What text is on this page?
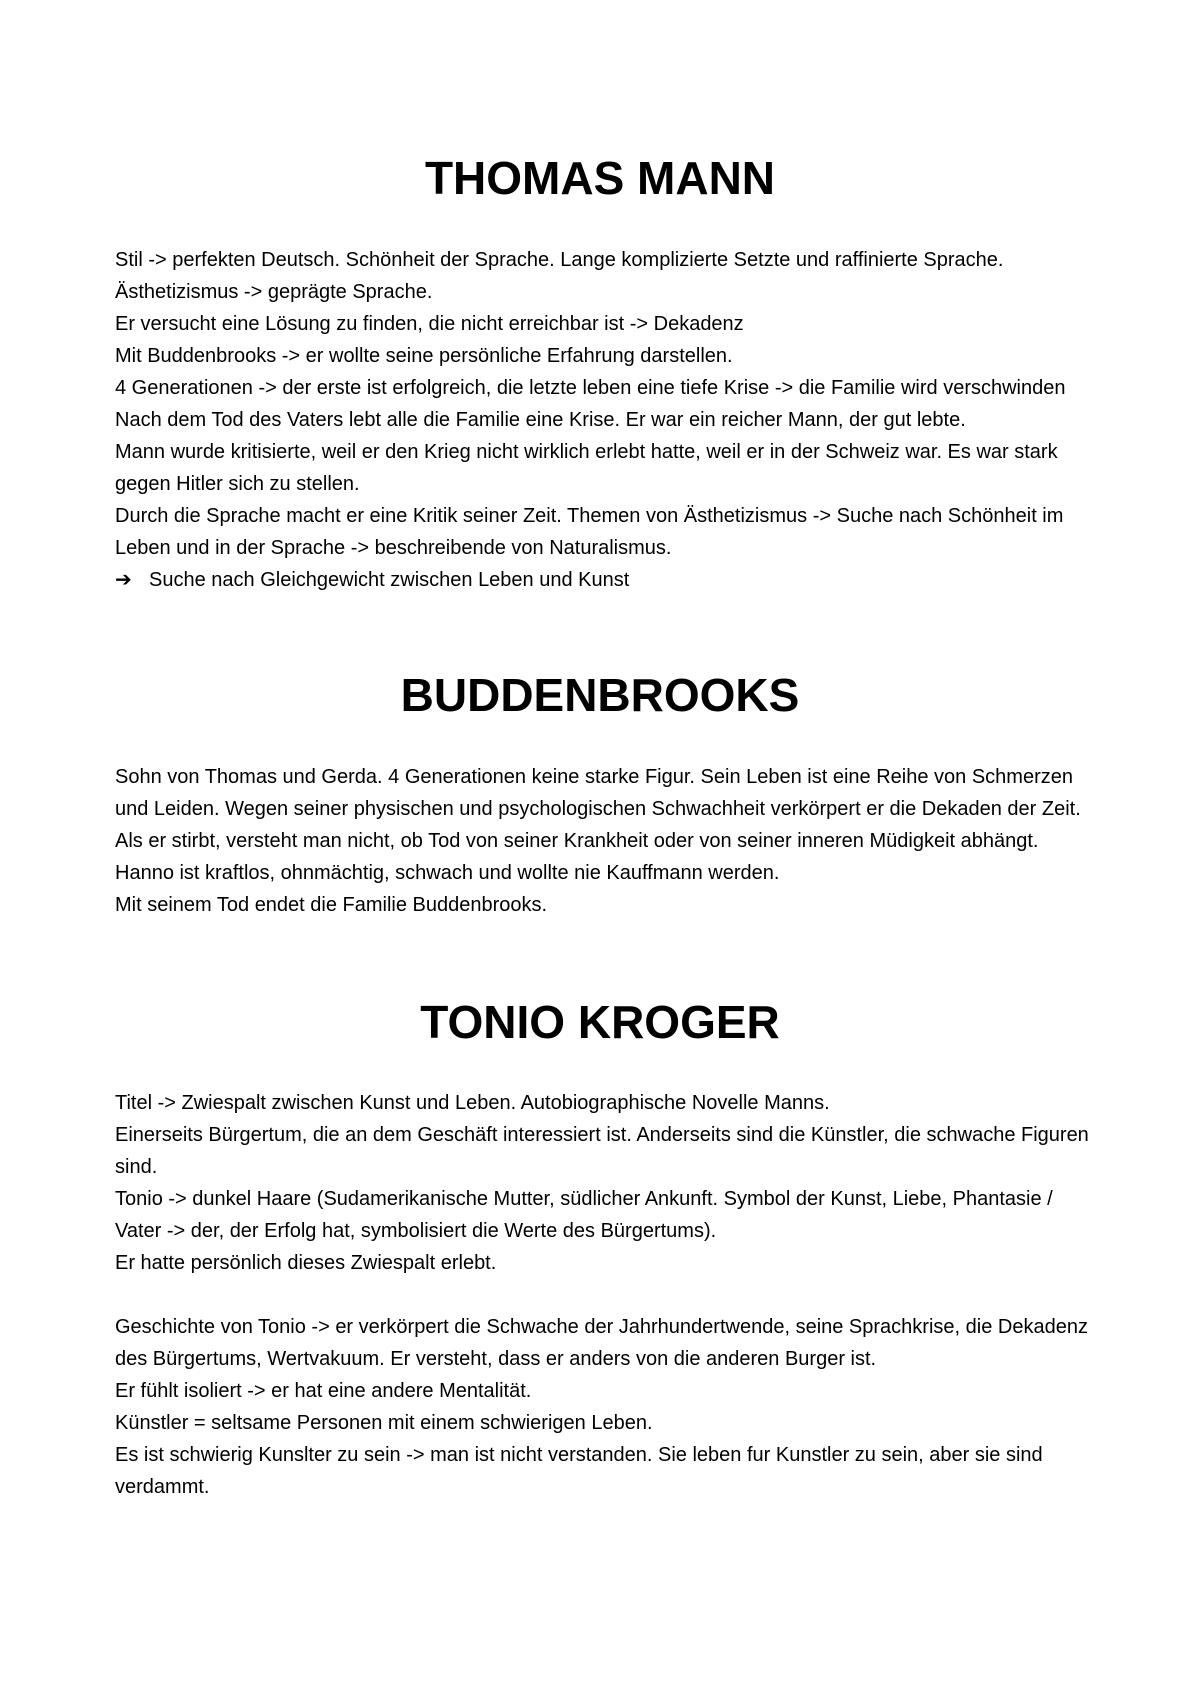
THOMAS MANN

Stil -> perfekten Deutsch. Schönheit der Sprache. Lange komplizierte Setzte und raffinierte Sprache. Ästhetizismus -> geprägte Sprache.

Er versucht eine Lösung zu finden, die nicht erreichbar ist -> Dekadenz

Mit Buddenbrooks -> er wollte seine persönliche Erfahrung darstellen.

4 Generationen -> der erste ist erfolgreich, die letzte leben eine tiefe Krise -> die Familie wird verschwinden

Nach dem Tod des Vaters lebt alle die Familie eine Krise. Er war ein reicher Mann, der gut lebte.

Mann wurde kritisierte, weil er den Krieg nicht wirklich erlebt hatte, weil er in der Schweiz war. Es war stark gegen Hitler sich zu stellen.

Durch die Sprache macht er eine Kritik seiner Zeit. Themen von Ästhetizismus -> Suche nach Schönheit im Leben und in der Sprache -> beschreibende von Naturalismus.

➔ Suche nach Gleichgewicht zwischen Leben und Kunst

BUDDENBROOKS

Sohn von Thomas und Gerda. 4 Generationen keine starke Figur. Sein Leben ist eine Reihe von Schmerzen und Leiden. Wegen seiner physischen und psychologischen Schwachheit verkörpert er die Dekaden der Zeit.

Als er stirbt, versteht man nicht, ob Tod von seiner Krankheit oder von seiner inneren Müdigkeit abhängt. Hanno ist kraftlos, ohnmächtig, schwach und wollte nie Kauffmann werden.

Mit seinem Tod endet die Familie Buddenbrooks.

TONIO KROGER

Titel -> Zwiespalt zwischen Kunst und Leben. Autobiographische Novelle Manns.

Einerseits Bürgertum, die an dem Geschäft interessiert ist. Anderseits sind die Künstler, die schwache Figuren sind.

Tonio -> dunkel Haare (Sudamerikanische Mutter, südlicher Ankunft. Symbol der Kunst, Liebe, Phantasie / Vater -> der, der Erfolg hat, symbolisiert die Werte des Bürgertums).

Er hatte persönlich dieses Zwiespalt erlebt.

Geschichte von Tonio -> er verkörpert die Schwache der Jahrhundertwende, seine Sprachkrise, die Dekadenz des Bürgertums, Wertvakuum. Er versteht, dass er anders von die anderen Burger ist.

Er fühlt isoliert -> er hat eine andere Mentalität.

Künstler = seltsame Personen mit einem schwierigen Leben.

Es ist schwierig Kunslter zu sein -> man ist nicht verstanden. Sie leben fur Kunstler zu sein, aber sie sind verdammt.
